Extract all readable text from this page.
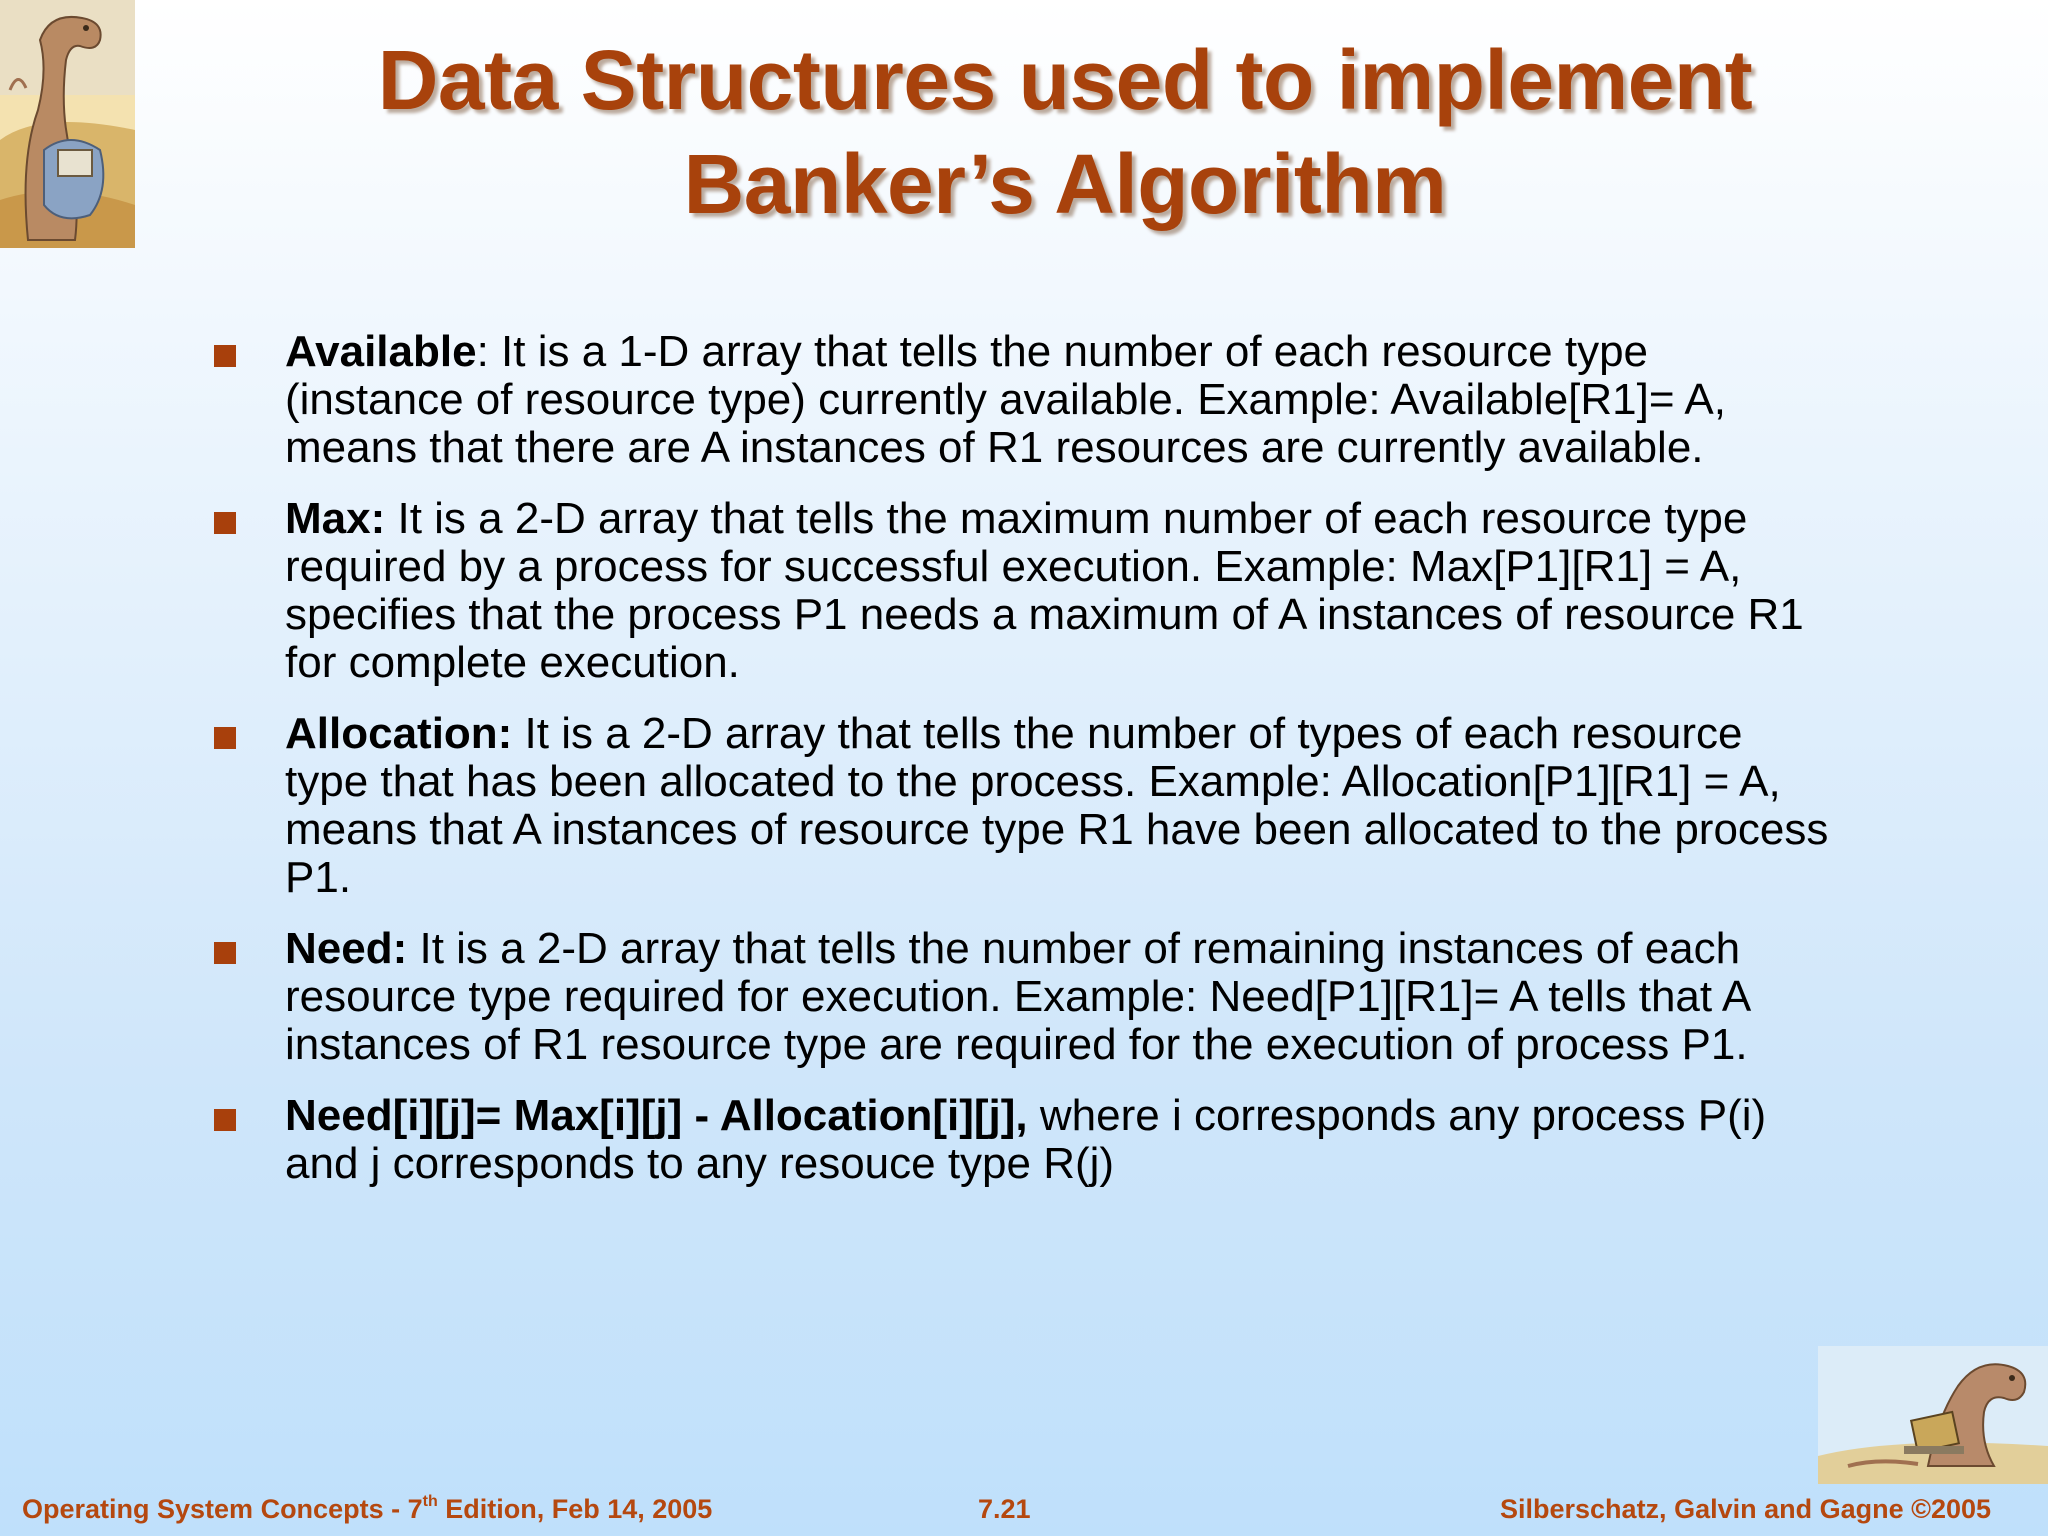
Data Structures used to implement
Banker’s Algorithm
Available: It is a 1-D array that tells the number of each resource type (instance of resource type) currently available. Example: Available[R1]= A, means that there are A instances of R1 resources are currently available.
Max: It is a 2-D array that tells the maximum number of each resource type required by a process for successful execution. Example: Max[P1][R1] = A, specifies that the process P1 needs a maximum of A instances of resource R1 for complete execution.
Allocation: It is a 2-D array that tells the number of types of each resource type that has been allocated to the process. Example: Allocation[P1][R1] = A, means that A instances of resource type R1 have been allocated to the process P1.
Need: It is a 2-D array that tells the number of remaining instances of each resource type required for execution. Example: Need[P1][R1]= A tells that A instances of R1 resource type are required for the execution of process P1.
Need[i][j]= Max[i][j] - Allocation[i][j], where i corresponds any process P(i) and j corresponds to any resouce type R(j)
Operating System Concepts - 7th Edition, Feb 14, 2005	7.21	Silberschatz, Galvin and Gagne ©2005
